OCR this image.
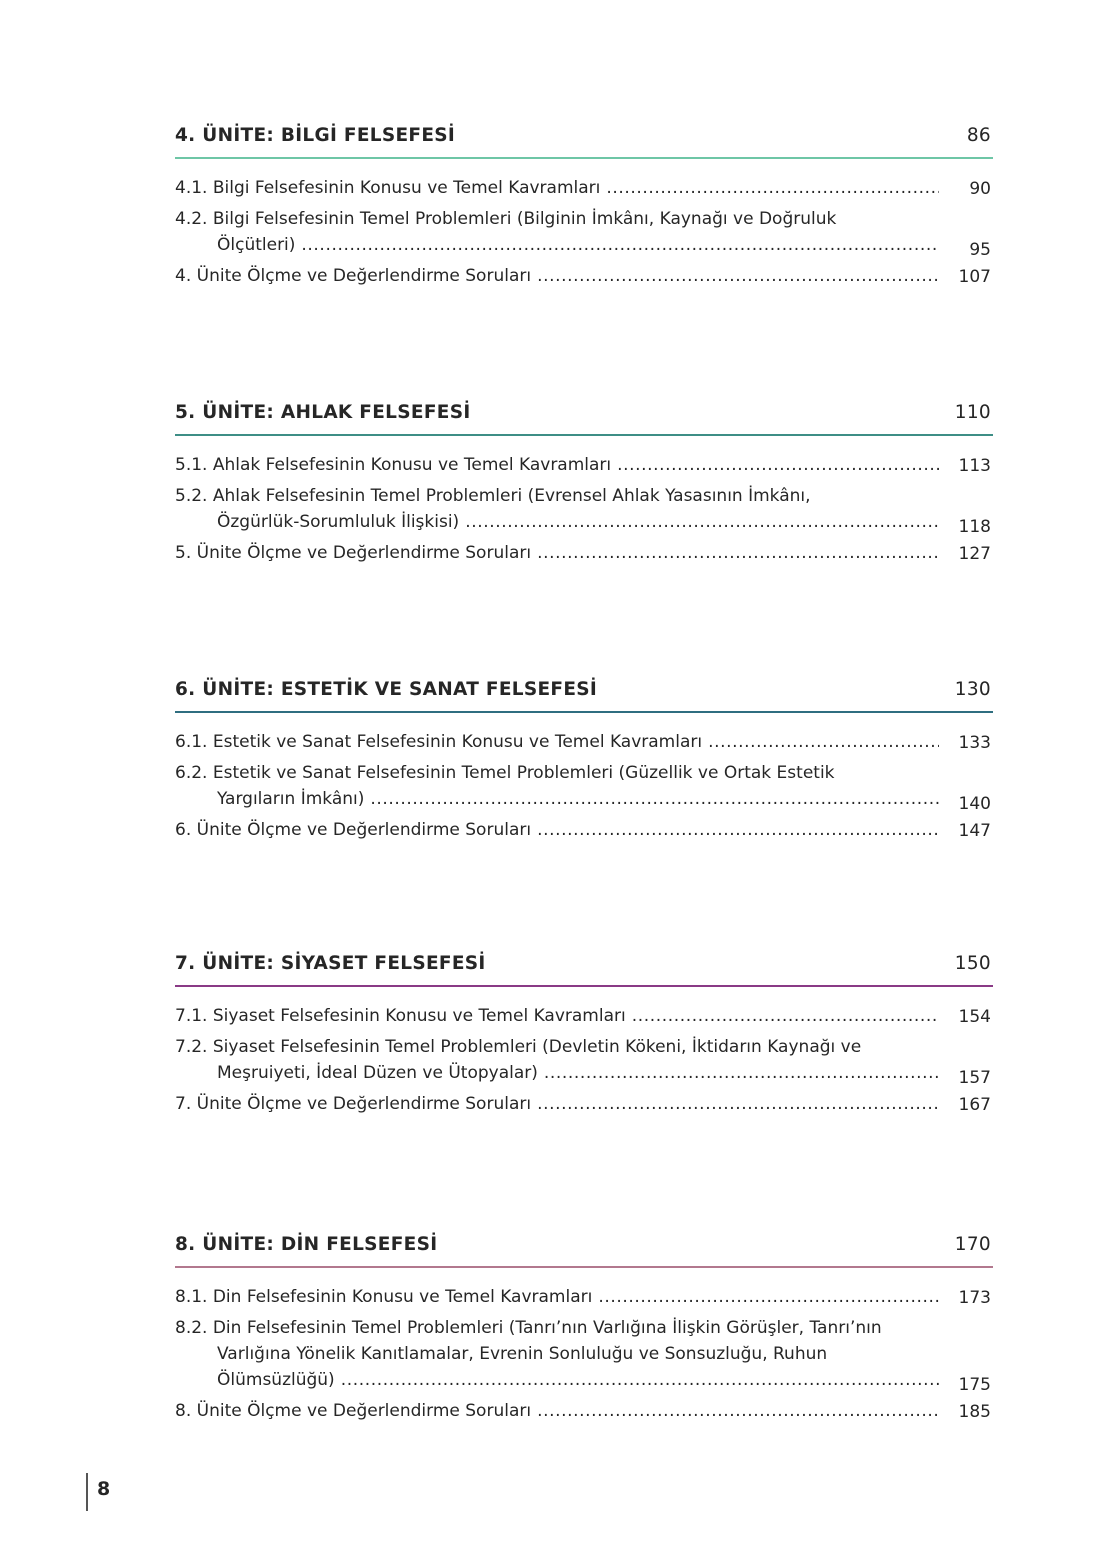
4. ÜNİTE: BİLGİ FELSEFESİ	86
4.1. Bilgi Felsefesinin Konusu ve Temel Kavramları .....	90
4.2. Bilgi Felsefesinin Temel Problemleri (Bilginin İmkânı, Kaynağı ve Doğruluk
Ölçütleri) .....	95
4. Ünite Ölçme ve Değerlendirme Soruları .....	107
5. ÜNİTE: AHLAK FELSEFESİ	110
5.1. Ahlak Felsefesinin Konusu ve Temel Kavramları .....	113
5.2. Ahlak Felsefesinin Temel Problemleri (Evrensel Ahlak Yasasının İmkânı,
Özgürlük-Sorumluluk İlişkisi) .....	118
5. Ünite Ölçme ve Değerlendirme Soruları .....	127
6. ÜNİTE: ESTETİK VE SANAT FELSEFESİ	130
6.1. Estetik ve Sanat Felsefesinin Konusu ve Temel Kavramları .....	133
6.2. Estetik ve Sanat Felsefesinin Temel Problemleri (Güzellik ve Ortak Estetik
Yargıların İmkânı) .....	140
6. Ünite Ölçme ve Değerlendirme Soruları .....	147
7. ÜNİTE: SİYASET FELSEFESİ	150
7.1. Siyaset Felsefesinin Konusu ve Temel Kavramları .....	154
7.2. Siyaset Felsefesinin Temel Problemleri (Devletin Kökeni, İktidarın Kaynağı ve
Meşruiyeti, İdeal Düzen ve Ütopyalar) .....	157
7. Ünite Ölçme ve Değerlendirme Soruları .....	167
8. ÜNİTE: DİN FELSEFESİ	170
8.1. Din Felsefesinin Konusu ve Temel Kavramları .....	173
8.2. Din Felsefesinin Temel Problemleri (Tanrı’nın Varlığına İlişkin Görüşler, Tanrı’nın
Varlığına Yönelik Kanıtlamalar, Evrenin Sonluluğu ve Sonsuzluğu, Ruhun
Ölümsüzlüğü) .....	175
8. Ünite Ölçme ve Değerlendirme Soruları .....	185
8
